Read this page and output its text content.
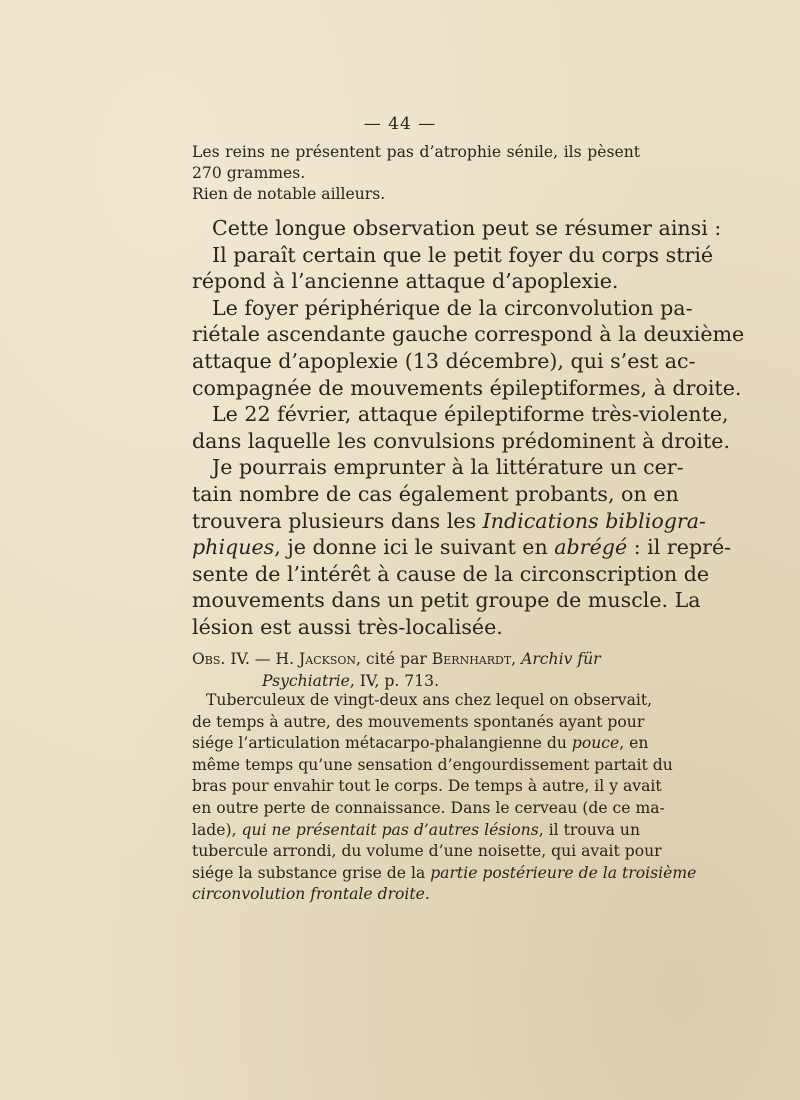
— 44 —
Les reins ne présentent pas d’atrophie sénile, ils pèsent
270 grammes.
Rien de notable ailleurs.
Cette longue observation peut se résumer ainsi :
Il paraît certain que le petit foyer du corps strié
répond à l’ancienne attaque d’apoplexie.
Le foyer périphérique de la circonvolution pa-
riétale ascendante gauche correspond à la deuxième
attaque d’apoplexie (13 décembre), qui s’est ac-
compagnée de mouvements épileptiformes, à droite.
Le 22 février, attaque épileptiforme très-violente,
dans laquelle les convulsions prédominent à droite.
Je pourrais emprunter à la littérature un cer-
tain nombre de cas également probants, on en
trouvera plusieurs dans les Indications bibliogra-
phiques, je donne ici le suivant en abrégé : il repré-
sente de l’intérêt à cause de la circonscription de
mouvements dans un petit groupe de muscle. La
lésion est aussi très-localisée.
Obs. IV. — H. Jackson, cité par Bernhardt, Archiv für
Psychiatrie, IV, p. 713.
Tuberculeux de vingt-deux ans chez lequel on observait,
de temps à autre, des mouvements spontanés ayant pour
siége l’articulation métacarpo-phalangienne du pouce, en
même temps qu’une sensation d’engourdissement partait du
bras pour envahir tout le corps. De temps à autre, il y avait
en outre perte de connaissance. Dans le cerveau (de ce ma-
lade), qui ne présentait pas d’autres lésions, il trouva un
tubercule arrondi, du volume d’une noisette, qui avait pour
siége la substance grise de la partie postérieure de la troisième
circonvolution frontale droite.
